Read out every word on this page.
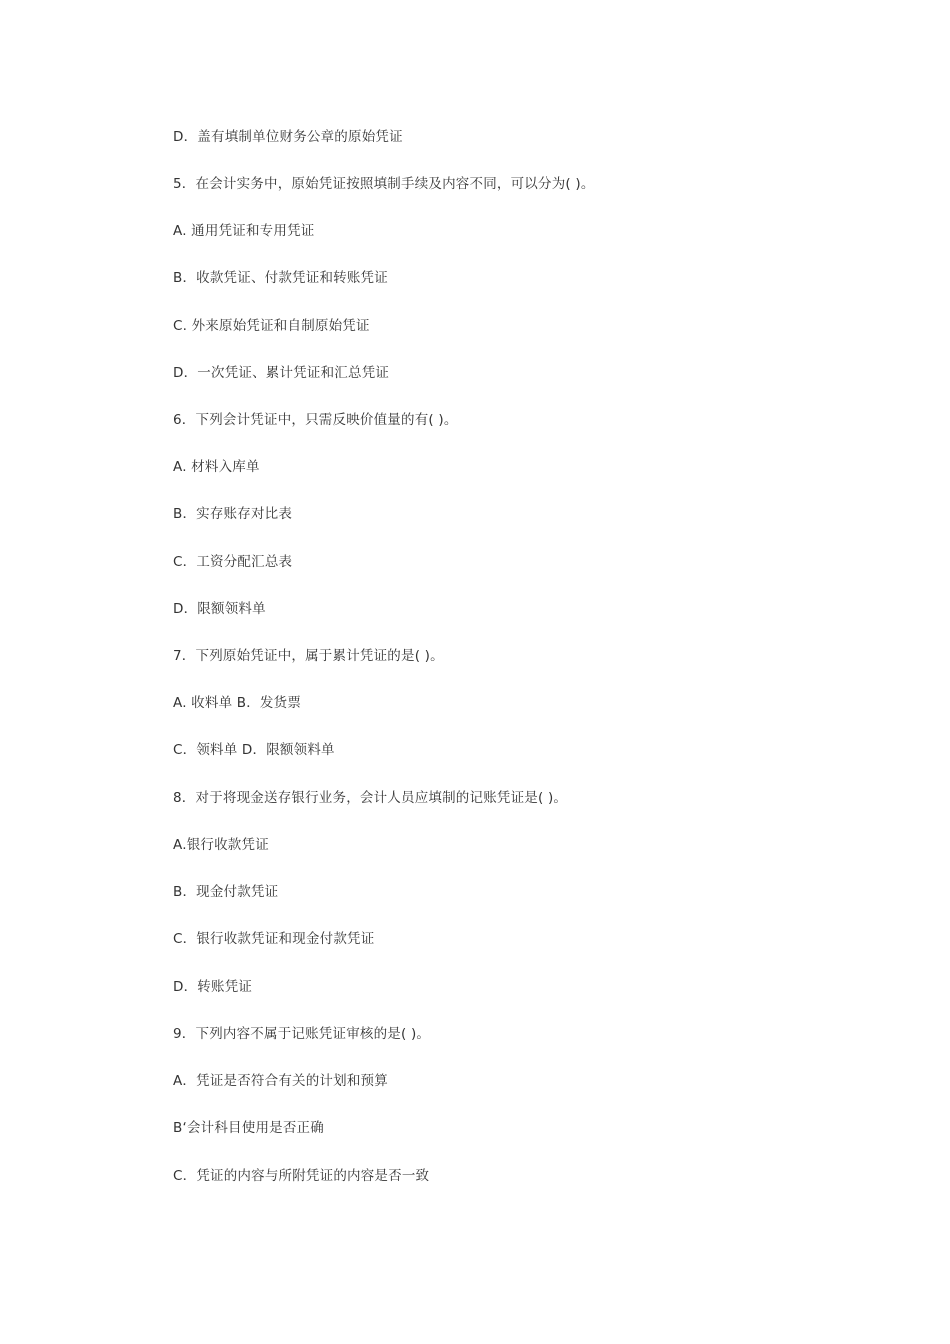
D．盖有填制单位财务公章的原始凭证

5．在会计实务中，原始凭证按照填制手续及内容不同，可以分为( )。

A. 通用凭证和专用凭证

B．收款凭证、付款凭证和转账凭证

C. 外来原始凭证和自制原始凭证

D．一次凭证、累计凭证和汇总凭证

6．下列会计凭证中，只需反映价值量的有( )。

A. 材料入库单

B．实存账存对比表

C．工资分配汇总表

D．限额领料单

7．下列原始凭证中，属于累计凭证的是( )。

A. 收料单 B．发货票

C．领料单 D．限额领料单

8．对于将现金送存银行业务，会计人员应填制的记账凭证是( )。

A.银行收款凭证

B．现金付款凭证

C．银行收款凭证和现金付款凭证

D．转账凭证

9．下列内容不属于记账凭证审核的是( )。

A．凭证是否符合有关的计划和预算

B‘会计科目使用是否正确

C．凭证的内容与所附凭证的内容是否一致
